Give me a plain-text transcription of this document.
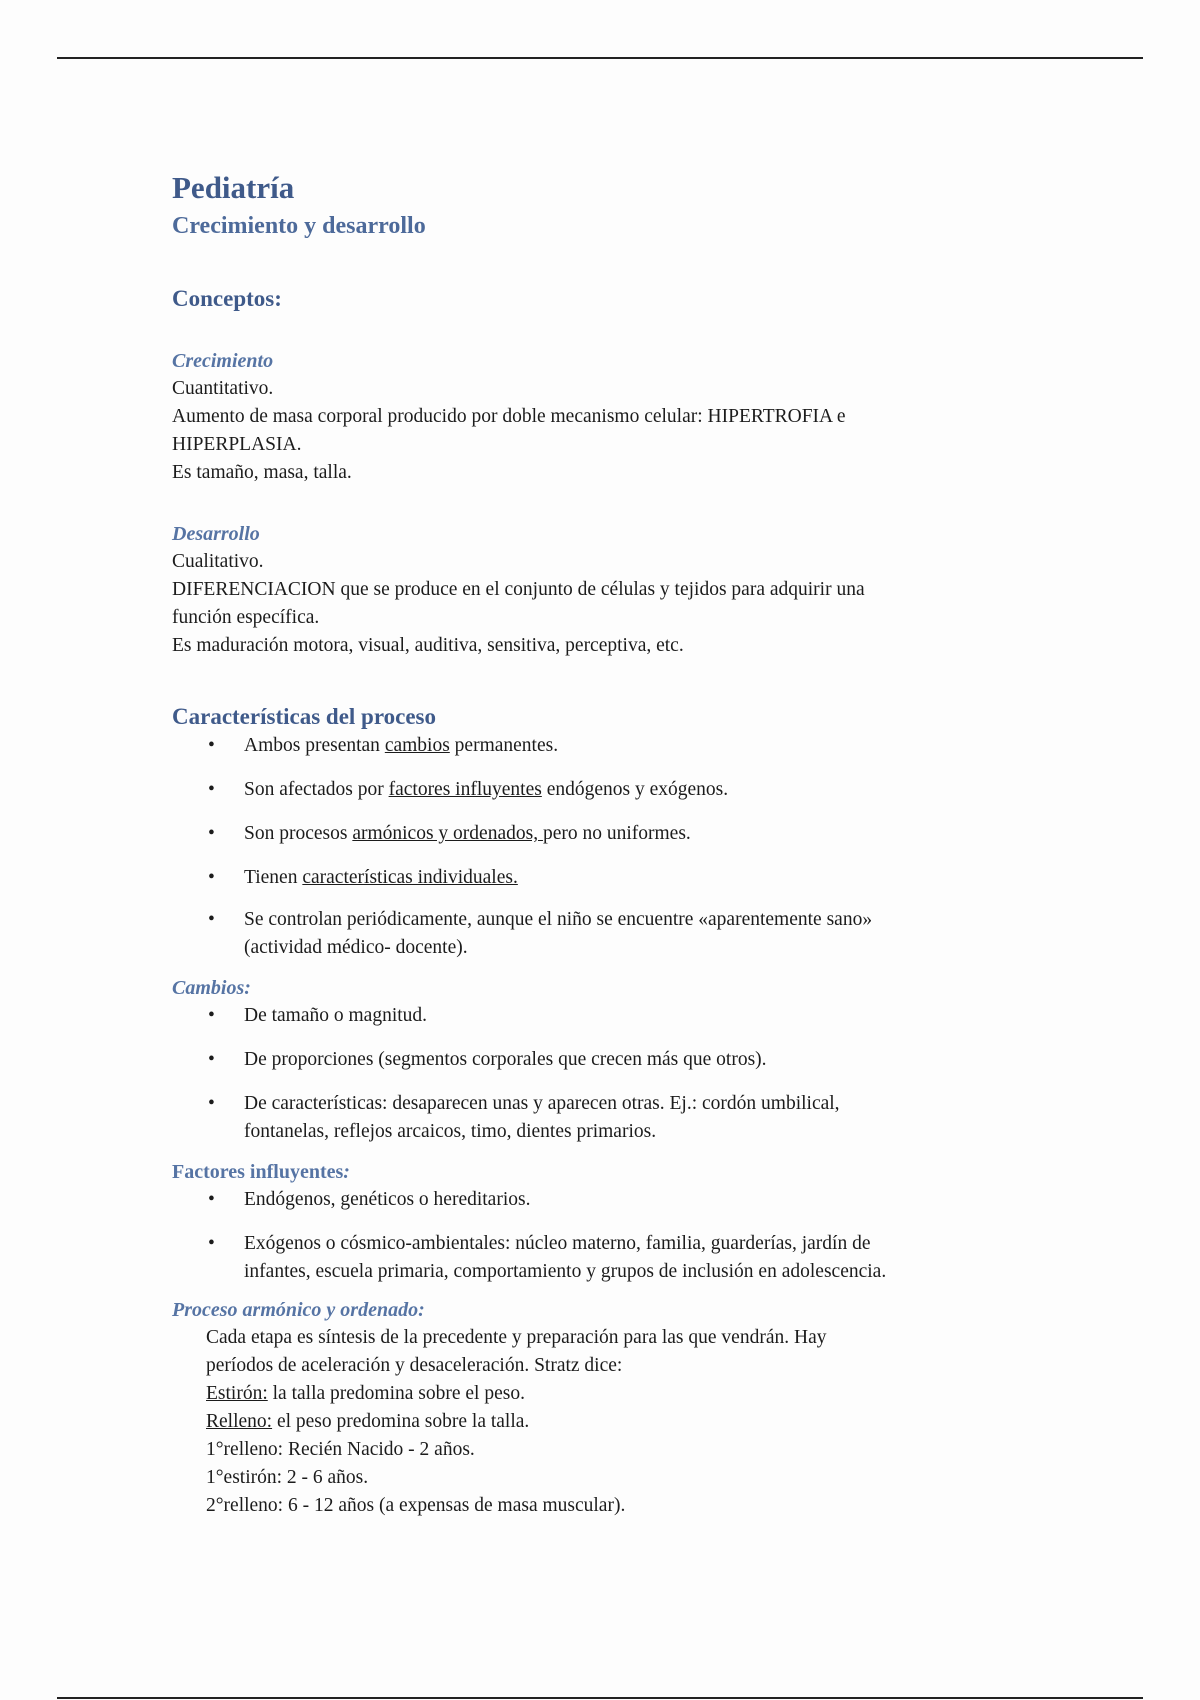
Pediatría
Crecimiento y desarrollo
Conceptos:
Crecimiento

Cuantitativo.

Aumento de masa corporal producido por doble mecanismo celular: HIPERTROFIA e

HIPERPLASIA.

Es tamaño, masa, talla.

Desarrollo

Cualitativo.

DIFERENCIACION que se produce en el conjunto de células y tejidos para adquirir una

función específica.

Es maduración motora, visual, auditiva, sensitiva, perceptiva, etc.

Características del proceso
• Ambos presentan cambios permanentes.
• Son afectados por factores influyentes endógenos y exógenos.
• Son procesos armónicos y ordenados, pero no uniformes.
• Tienen características individuales.
• Se controlan periódicamente, aunque el niño se encuentre «aparentemente sano»
(actividad médico- docente).
Cambios:
• De tamaño o magnitud.
• De proporciones (segmentos corporales que crecen más que otros).
• De características: desaparecen unas y aparecen otras. Ej.: cordón umbilical,
fontanelas, reflejos arcaicos, timo, dientes primarios.
Factores influyentes:
• Endógenos, genéticos o hereditarios.
• Exógenos o cósmico-ambientales: núcleo materno, familia, guarderías, jardín de
infantes, escuela primaria, comportamiento y grupos de inclusión en adolescencia.
Proceso armónico y ordenado:

Cada etapa es síntesis de la precedente y preparación para las que vendrán. Hay

períodos de aceleración y desaceleración. Stratz dice:

Estirón: la talla predomina sobre el peso.

Relleno: el peso predomina sobre la talla.

1°relleno: Recién Nacido - 2 años.

1°estirón: 2 - 6 años.

2°relleno: 6 - 12 años (a expensas de masa muscular).
